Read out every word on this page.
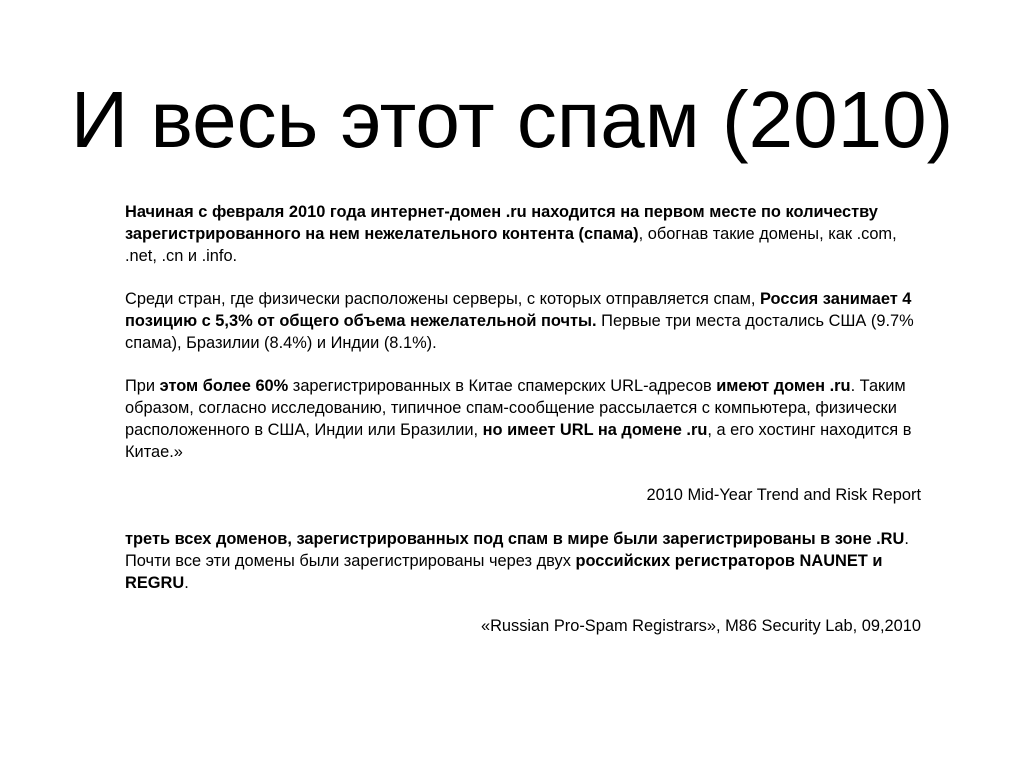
И весь этот спам (2010)

Начиная с февраля 2010 года интернет-домен .ru находится на первом месте по количеству зарегистрированного на нем нежелательного контента (спама), обогнав такие домены, как .com, .net, .cn и .info.

Среди стран, где физически расположены серверы, с которых отправляется спам, Россия занимает 4 позицию с 5,3% от общего объема нежелательной почты. Первые три места достались США (9.7% спама), Бразилии (8.4%) и Индии (8.1%).

При этом более 60% зарегистрированных в Китае спамерских URL-адресов имеют домен .ru. Таким образом, согласно исследованию, типичное спам-сообщение рассылается с компьютера, физически расположенного в США, Индии или Бразилии, но имеет URL на домене .ru, а его хостинг находится в Китае.»

2010 Mid-Year Trend and Risk Report

треть всех доменов, зарегистрированных под спам в мире были зарегистрированы в зоне .RU. Почти все эти домены были зарегистрированы через двух российских регистраторов NAUNET и REGRU.

«Russian Pro-Spam Registrars», M86 Security Lab, 09,2010
